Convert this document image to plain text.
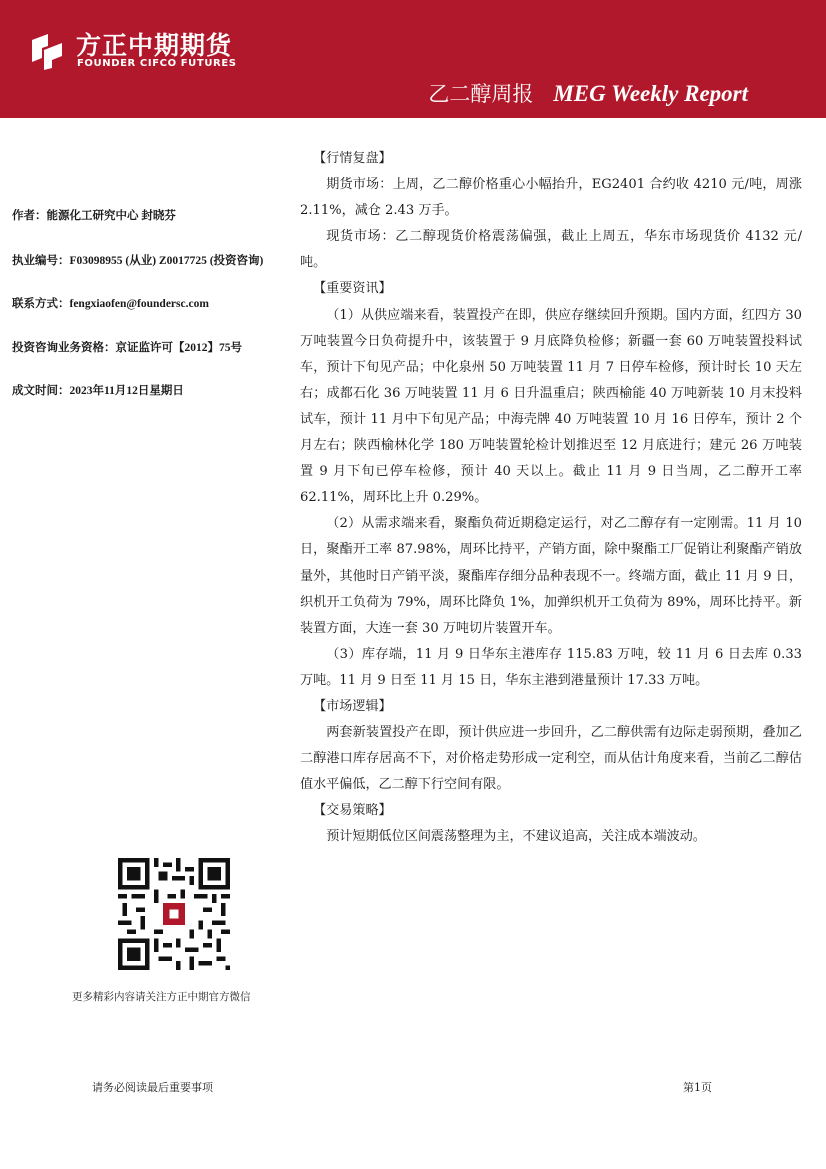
方正中期期货
FOUNDER CIFCO FUTURES
乙二醇周报 MEG Weekly Report
作者：能源化工研究中心 封晓芬
执业编号：F03098955 (从业) Z0017725 (投资咨询)
联系方式：fengxiaofen@foundersc.com
投资咨询业务资格：京证监许可【2012】75号
成文时间：2023年11月12日星期日
更多精彩内容请关注方正中期官方微信

【行情复盘】

期货市场：上周，乙二醇价格重心小幅抬升，EG2401 合约收 4210 元/吨，周涨 2.11%，减仓 2.43 万手。

现货市场：乙二醇现货价格震荡偏强，截止上周五，华东市场现货价 4132 元/吨。

【重要资讯】

（1）从供应端来看，装置投产在即，供应存继续回升预期。国内方面，红四方 30 万吨装置今日负荷提升中，该装置于 9 月底降负检修；新疆一套 60 万吨装置投料试车，预计下旬见产品；中化泉州 50 万吨装置 11 月 7 日停车检修，预计时长 10 天左右；成都石化 36 万吨装置 11 月 6 日升温重启；陕西榆能 40 万吨新装 10 月末投料试车，预计 11 月中下旬见产品；中海壳牌 40 万吨装置 10 月 16 日停车，预计 2 个月左右；陕西榆林化学 180 万吨装置轮检计划推迟至 12 月底进行；建元 26 万吨装置 9 月下旬已停车检修，预计 40 天以上。截止 11 月 9 日当周，乙二醇开工率 62.11%，周环比上升 0.29%。

（2）从需求端来看，聚酯负荷近期稳定运行，对乙二醇存有一定刚需。11 月 10 日，聚酯开工率 87.98%，周环比持平，产销方面，除中聚酯工厂促销让利聚酯产销放量外，其他时日产销平淡，聚酯库存细分品种表现不一。终端方面，截止 11 月 9 日，织机开工负荷为 79%，周环比降负 1%，加弹织机开工负荷为 89%，周环比持平。新装置方面，大连一套 30 万吨切片装置开车。

（3）库存端，11 月 9 日华东主港库存 115.83 万吨，较 11 月 6 日去库 0.33 万吨。11 月 9 日至 11 月 15 日，华东主港到港量预计 17.33 万吨。

【市场逻辑】

两套新装置投产在即，预计供应进一步回升，乙二醇供需有边际走弱预期，叠加乙二醇港口库存居高不下，对价格走势形成一定利空，而从估计角度来看，当前乙二醇估值水平偏低，乙二醇下行空间有限。

【交易策略】

预计短期低位区间震荡整理为主，不建议追高，关注成本端波动。

请务必阅读最后重要事项	第1页
